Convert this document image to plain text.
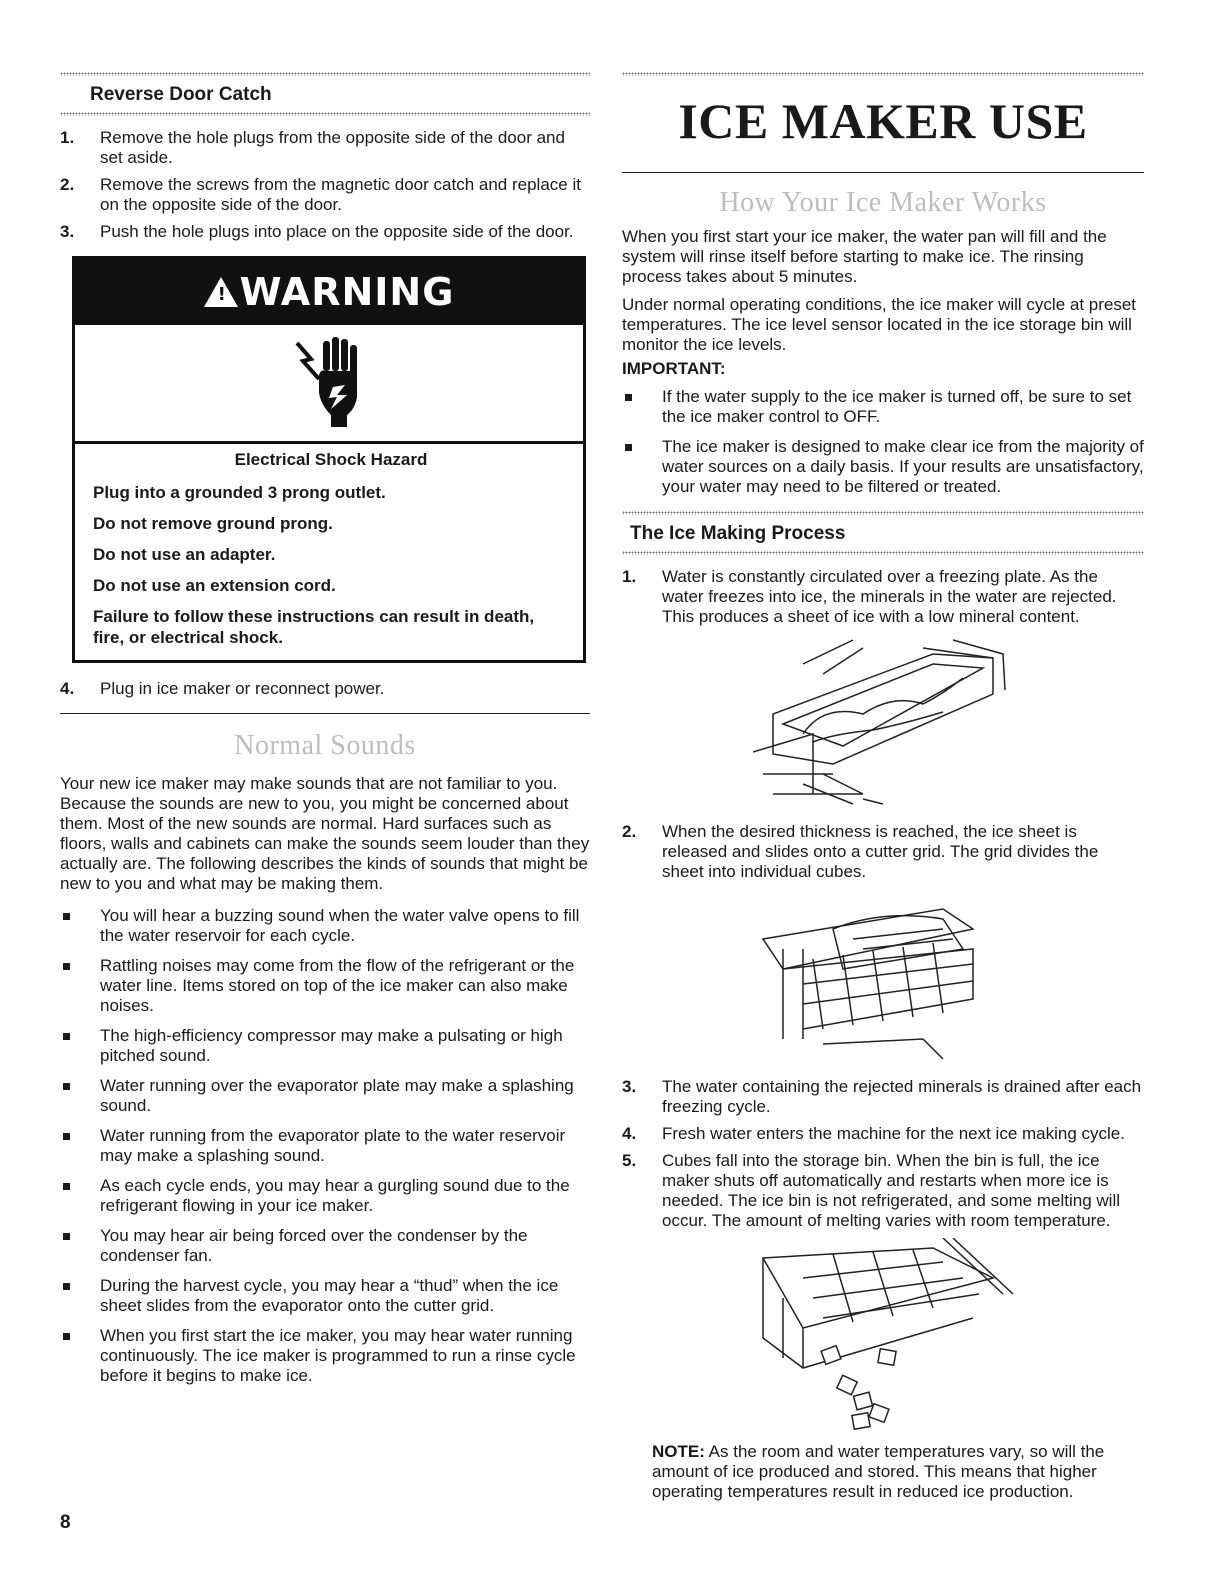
Reverse Door Catch
1. Remove the hole plugs from the opposite side of the door and set aside.
2. Remove the screws from the magnetic door catch and replace it on the opposite side of the door.
3. Push the hole plugs into place on the opposite side of the door.
! WARNING
Electrical Shock Hazard
Plug into a grounded 3 prong outlet.
Do not remove ground prong.
Do not use an adapter.
Do not use an extension cord.
Failure to follow these instructions can result in death, fire, or electrical shock.
4. Plug in ice maker or reconnect power.
Normal Sounds

Your new ice maker may make sounds that are not familiar to you. Because the sounds are new to you, you might be concerned about them. Most of the new sounds are normal. Hard surfaces such as floors, walls and cabinets can make the sounds seem louder than they actually are. The following describes the kinds of sounds that might be new to you and what may be making them.

You will hear a buzzing sound when the water valve opens to fill the water reservoir for each cycle.
Rattling noises may come from the flow of the refrigerant or the water line. Items stored on top of the ice maker can also make noises.
The high-efficiency compressor may make a pulsating or high pitched sound.
Water running over the evaporator plate may make a splashing sound.
Water running from the evaporator plate to the water reservoir may make a splashing sound.
As each cycle ends, you may hear a gurgling sound due to the refrigerant flowing in your ice maker.
You may hear air being forced over the condenser by the condenser fan.
During the harvest cycle, you may hear a “thud” when the ice sheet slides from the evaporator onto the cutter grid.
When you first start the ice maker, you may hear water running continuously. The ice maker is programmed to run a rinse cycle before it begins to make ice.
ICE MAKER USE
How Your Ice Maker Works

When you first start your ice maker, the water pan will fill and the system will rinse itself before starting to make ice. The rinsing process takes about 5 minutes.

Under normal operating conditions, the ice maker will cycle at preset temperatures. The ice level sensor located in the ice storage bin will monitor the ice levels.

IMPORTANT:
If the water supply to the ice maker is turned off, be sure to set the ice maker control to OFF.
The ice maker is designed to make clear ice from the majority of water sources on a daily basis. If your results are unsatisfactory, your water may need to be filtered or treated.
The Ice Making Process
1. Water is constantly circulated over a freezing plate. As the water freezes into ice, the minerals in the water are rejected. This produces a sheet of ice with a low mineral content.
2. When the desired thickness is reached, the ice sheet is released and slides onto a cutter grid. The grid divides the sheet into individual cubes.
3. The water containing the rejected minerals is drained after each freezing cycle.
4. Fresh water enters the machine for the next ice making cycle.
5. Cubes fall into the storage bin. When the bin is full, the ice maker shuts off automatically and restarts when more ice is needed. The ice bin is not refrigerated, and some melting will occur. The amount of melting varies with room temperature.

NOTE: As the room and water temperatures vary, so will the amount of ice produced and stored. This means that higher operating temperatures result in reduced ice production.

8
